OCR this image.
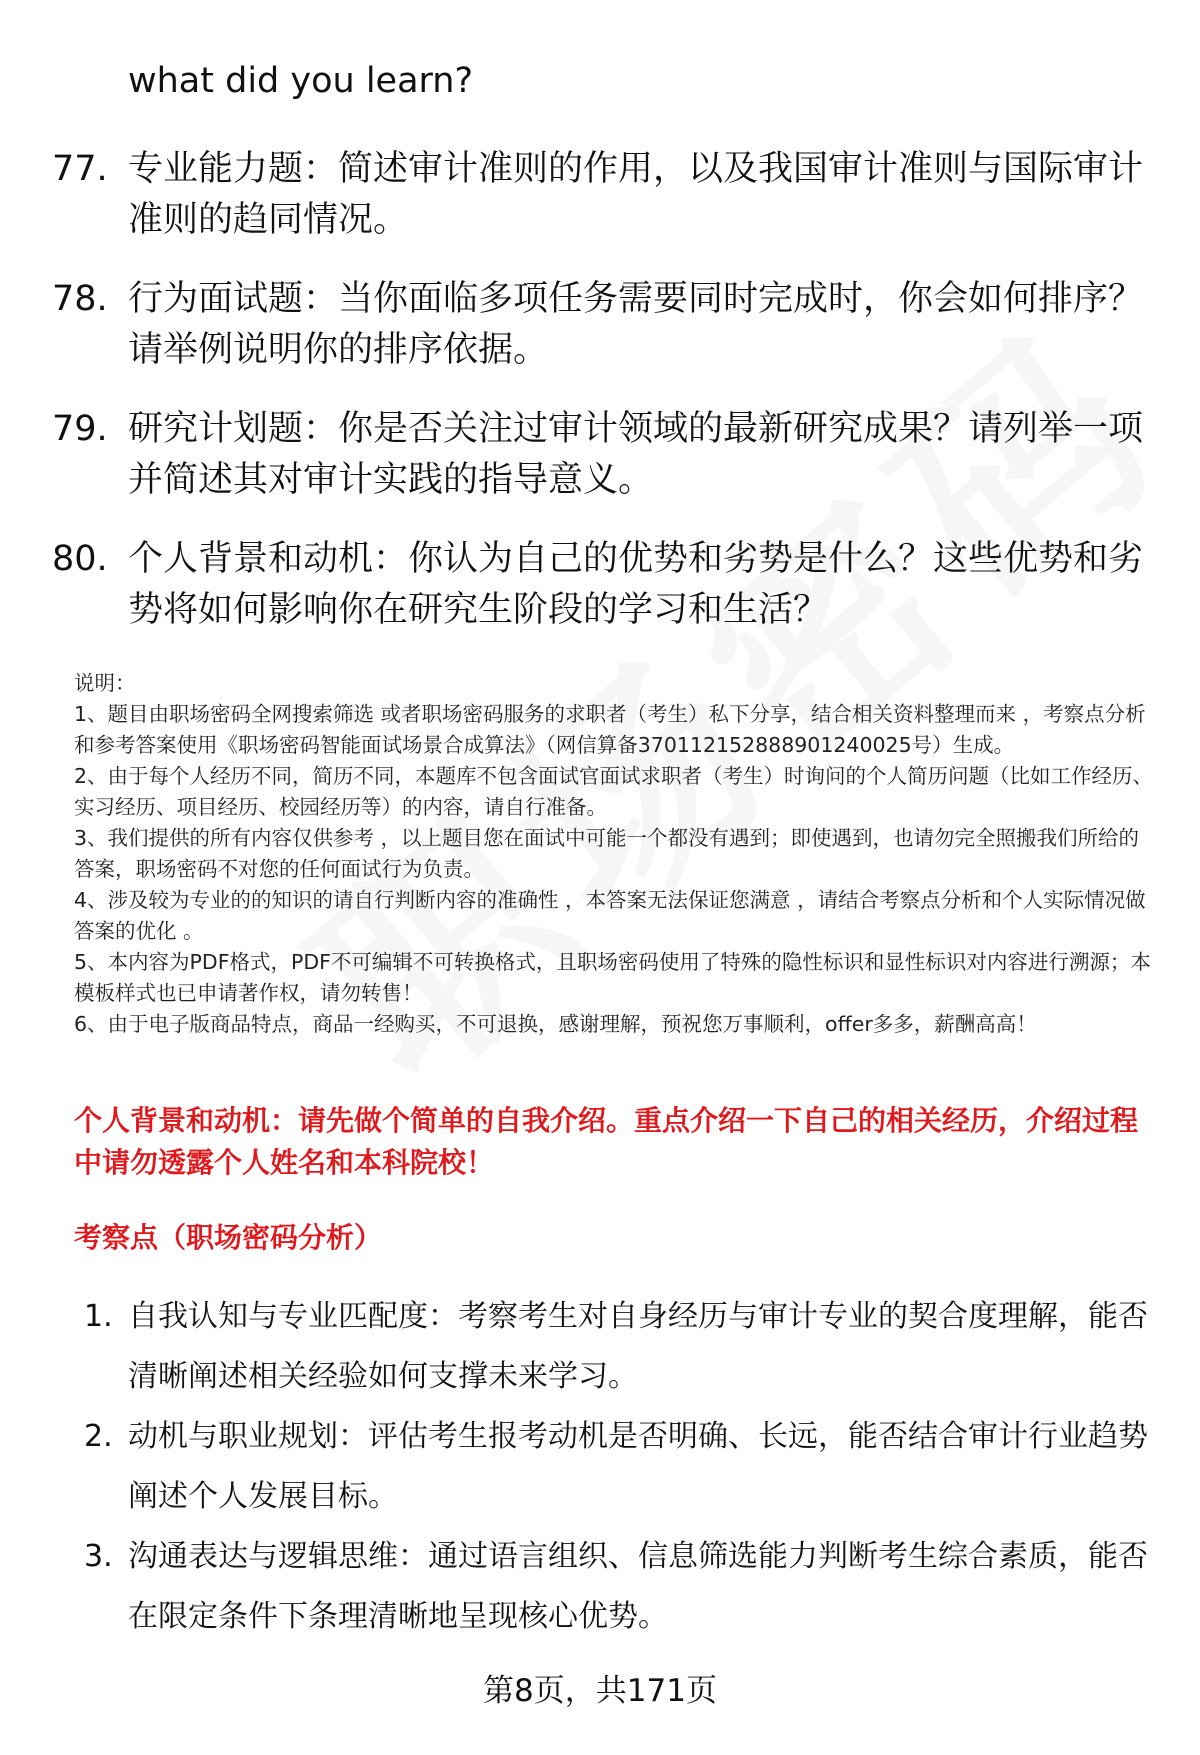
what did you learn?
77. 专业能力题：简述审计准则的作用，以及我国审计准则与国际审计准则的趋同情况。
78. 行为面试题：当你面临多项任务需要同时完成时，你会如何排序？请举例说明你的排序依据。
79. 研究计划题：你是否关注过审计领域的最新研究成果？请列举一项并简述其对审计实践的指导意义。
80. 个人背景和动机：你认为自己的优势和劣势是什么？这些优势和劣势将如何影响你在研究生阶段的学习和生活？

说明：

1、题目由职场密码全网搜索筛选 或者职场密码服务的求职者（考生）私下分享，结合相关资料整理而来 ，考察点分析和参考答案使用《职场密码智能面试场景合成算法》（网信算备370112152888901240025号）生成。

2、由于每个人经历不同，简历不同，本题库不包含面试官面试求职者（考生）时询问的个人简历问题（比如工作经历、实习经历、项目经历、校园经历等）的内容，请自行准备。

3、我们提供的所有内容仅供参考 ，以上题目您在面试中可能一个都没有遇到；即使遇到，也请勿完全照搬我们所给的答案，职场密码不对您的任何面试行为负责。

4、涉及较为专业的的知识的请自行判断内容的准确性 ，本答案无法保证您满意 ，请结合考察点分析和个人实际情况做答案的优化 。

5、本内容为PDF格式，PDF不可编辑不可转换格式，且职场密码使用了特殊的隐性标识和显性标识对内容进行溯源；本模板样式也已申请著作权，请勿转售！

6、由于电子版商品特点，商品一经购买，不可退换，感谢理解，预祝您万事顺利，offer多多，薪酬高高！

个人背景和动机：请先做个简单的自我介绍。重点介绍一下自己的相关经历，介绍过程中请勿透露个人姓名和本科院校！
考察点（职场密码分析）
1. 自我认知与专业匹配度：考察考生对自身经历与审计专业的契合度理解，能否清晰阐述相关经验如何支撑未来学习。
2. 动机与职业规划：评估考生报考动机是否明确、长远，能否结合审计行业趋势阐述个人发展目标。
3. 沟通表达与逻辑思维：通过语言组织、信息筛选能力判断考生综合素质，能否在限定条件下条理清晰地呈现核心优势。
第8页，共171页
